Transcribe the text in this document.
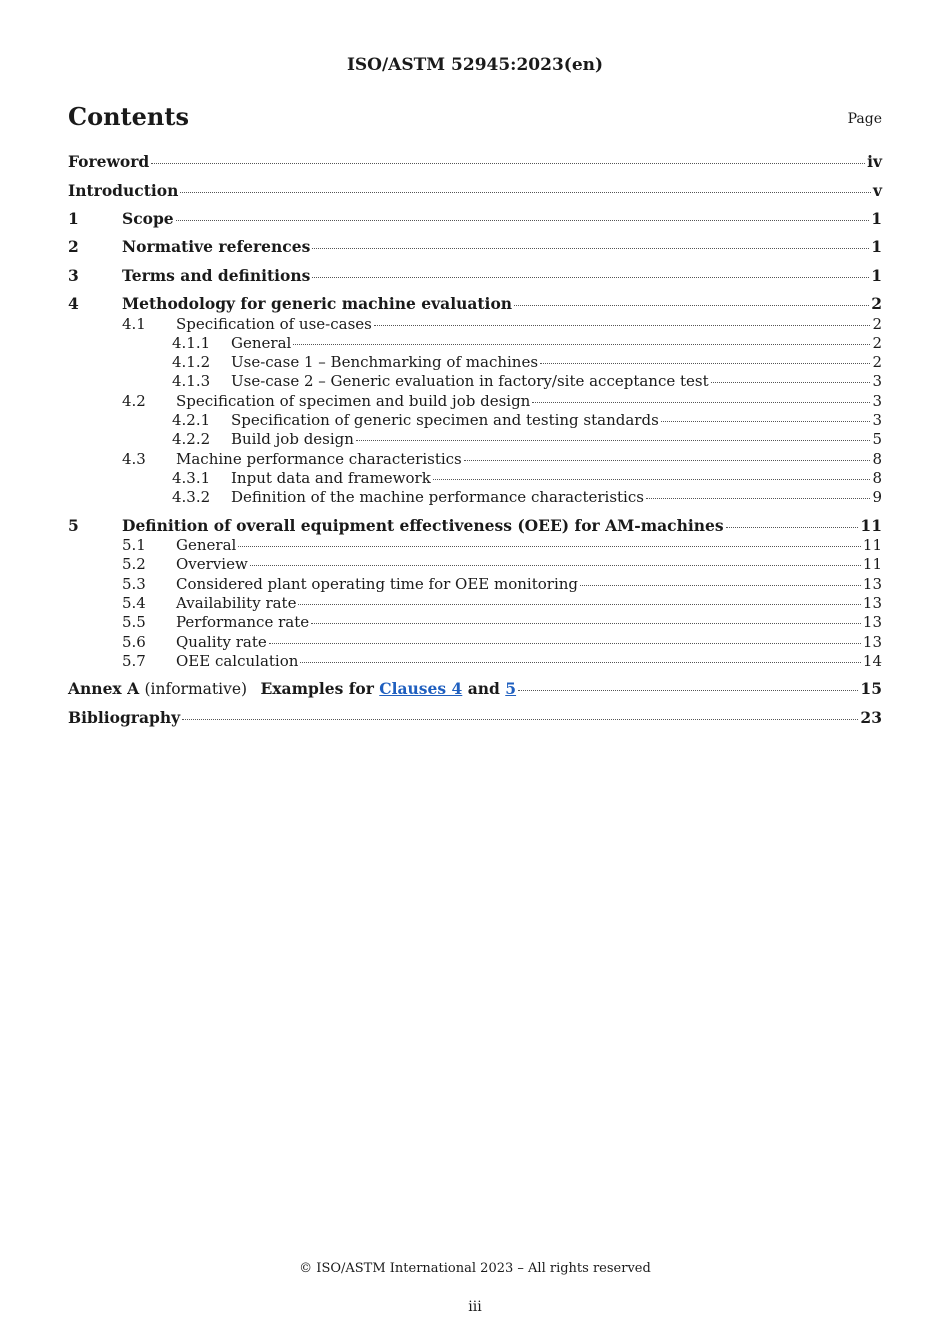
ISO/ASTM 52945:2023(en)
Contents	Page
Foreword	iv
Introduction	v
1	Scope	1
2	Normative references	1
3	Terms and definitions	1
4	Methodology for generic machine evaluation	2
4.1	Specification of use-cases	2
4.1.1	General	2
4.1.2	Use-case 1 – Benchmarking of machines	2
4.1.3	Use-case 2 – Generic evaluation in factory/site acceptance test	3
4.2	Specification of specimen and build job design	3
4.2.1	Specification of generic specimen and testing standards	3
4.2.2	Build job design	5
4.3	Machine performance characteristics	8
4.3.1	Input data and framework	8
4.3.2	Definition of the machine performance characteristics	9
5	Definition of overall equipment effectiveness (OEE) for AM-machines	11
5.1	General	11
5.2	Overview	11
5.3	Considered plant operating time for OEE monitoring	13
5.4	Availability rate	13
5.5	Performance rate	13
5.6	Quality rate	13
5.7	OEE calculation	14
Annex A (informative) Examples for Clauses 4 and 5	15
Bibliography	23
© ISO/ASTM International 2023 – All rights reserved
iii
